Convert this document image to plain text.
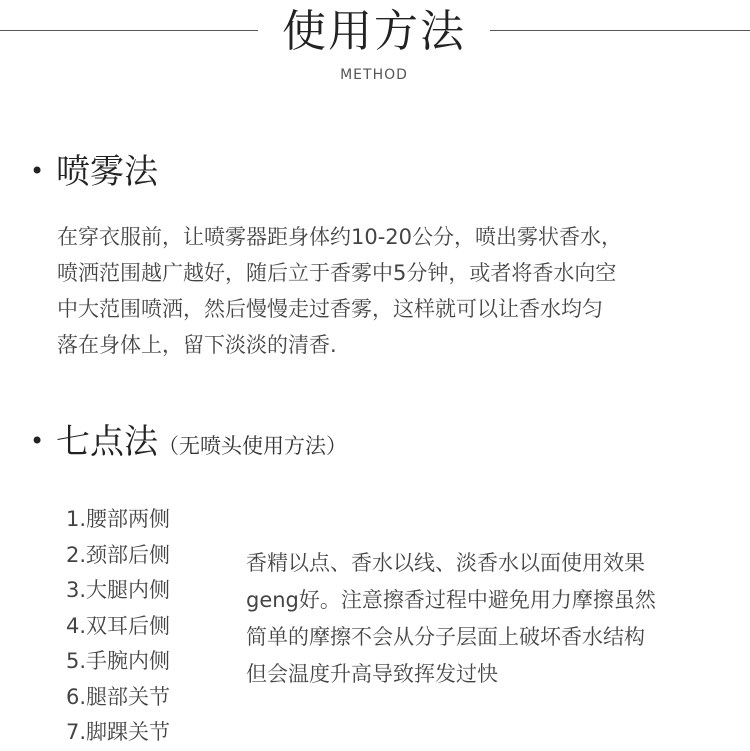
使用方法
METHOD
• 喷雾法

在穿衣服前，让喷雾器距身体约10-20公分，喷出雾状香水，
喷洒范围越广越好，随后立于香雾中5分钟，或者将香水向空
中大范围喷洒，然后慢慢走过香雾，这样就可以让香水均匀
落在身体上，留下淡淡的清香.

• 七点法（无喷头使用方法）
1.腰部两侧
2.颈部后侧
3.大腿内侧
4.双耳后侧
5.手腕内侧
6.腿部关节
7.脚踝关节
香精以点、香水以线、淡香水以面使用效果
geng好。注意擦香过程中避免用力摩擦虽然
简单的摩擦不会从分子层面上破坏香水结构
但会温度升高导致挥发过快
